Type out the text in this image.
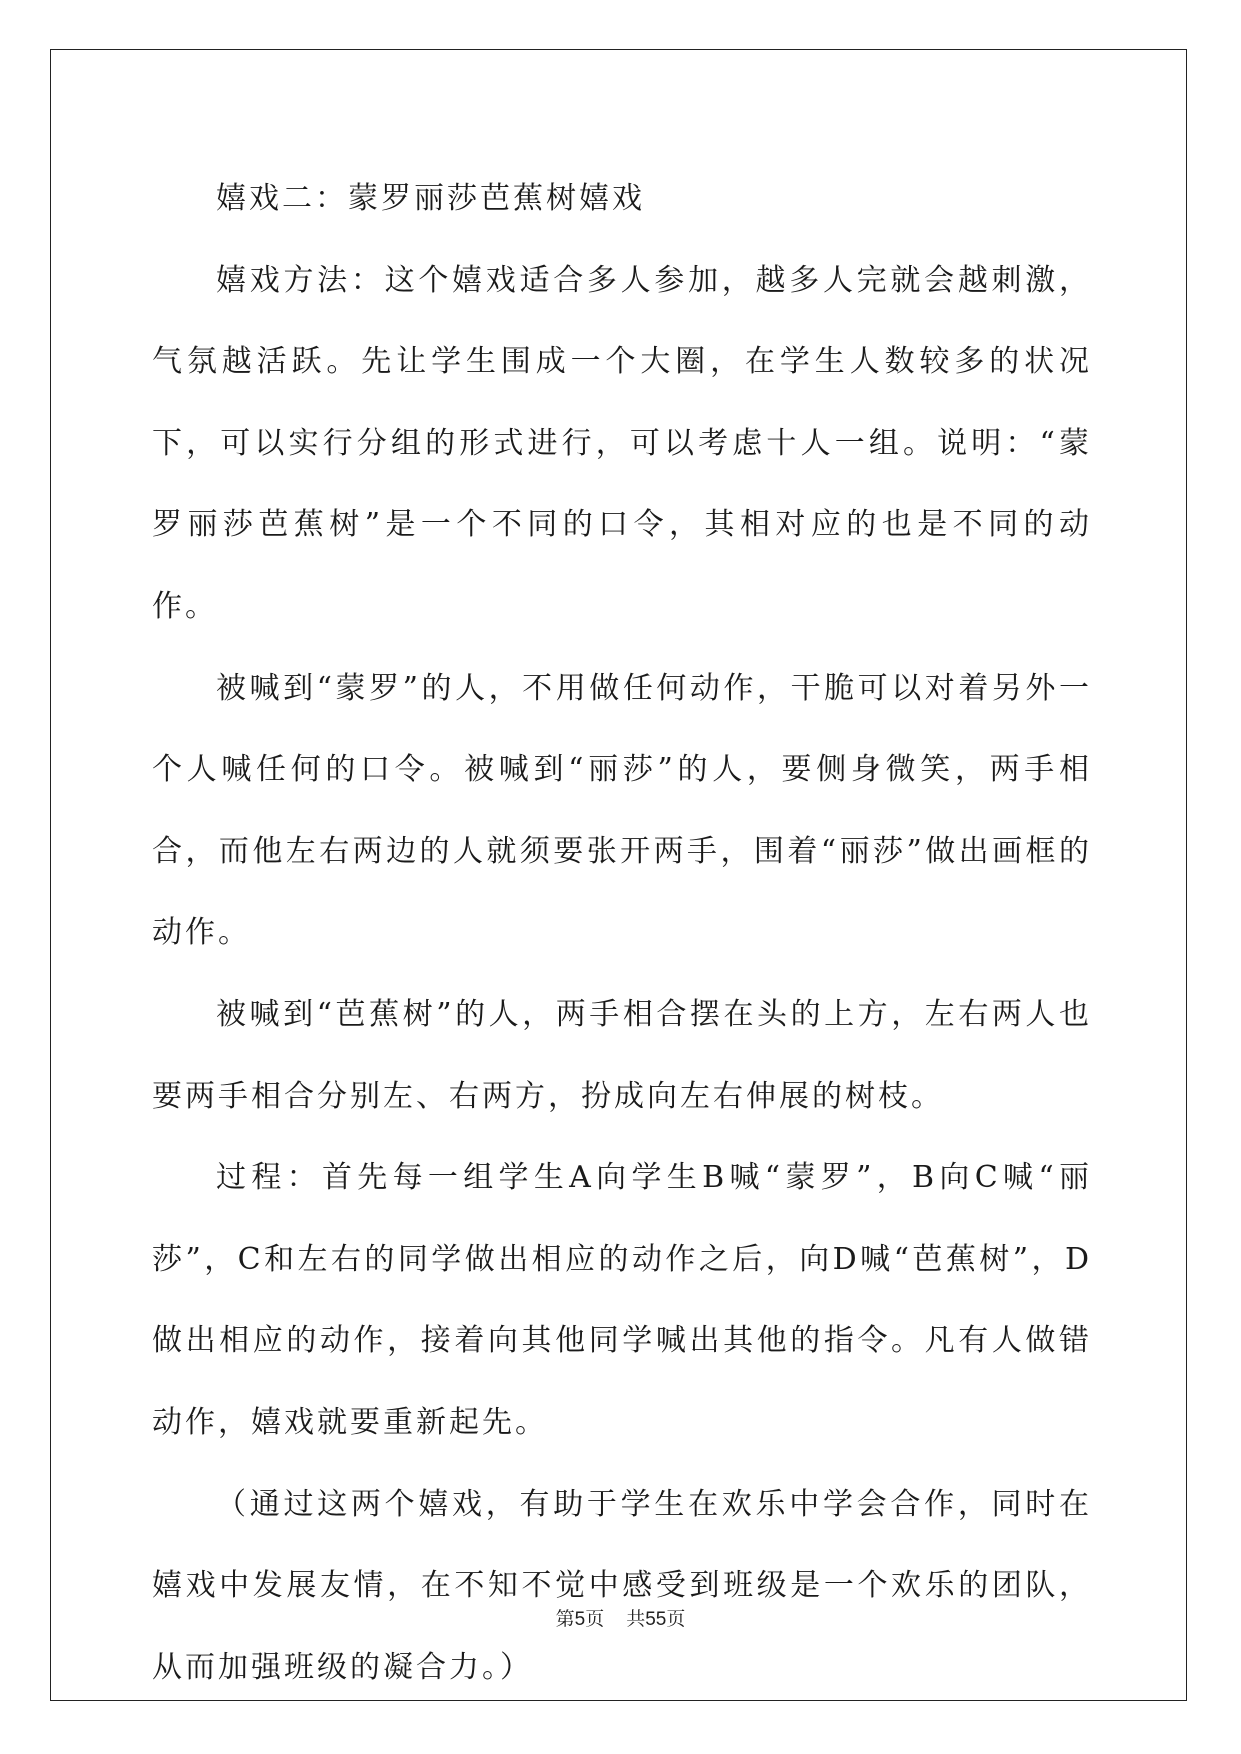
嬉戏二：蒙罗丽莎芭蕉树嬉戏

嬉戏方法：这个嬉戏适合多人参加，越多人完就会越刺激，气氛越活跃。先让学生围成一个大圈，在学生人数较多的状况下，可以实行分组的形式进行，可以考虑十人一组。说明：“蒙罗丽莎芭蕉树”是一个不同的口令，其相对应的也是不同的动作。

被喊到“蒙罗”的人，不用做任何动作，干脆可以对着另外一个人喊任何的口令。被喊到“丽莎”的人，要侧身微笑，两手相合，而他左右两边的人就须要张开两手，围着“丽莎”做出画框的动作。

被喊到“芭蕉树”的人，两手相合摆在头的上方，左右两人也要两手相合分别左、右两方，扮成向左右伸展的树枝。

过程：首先每一组学生A向学生B喊“蒙罗”，B向C喊“丽莎”，C和左右的同学做出相应的动作之后，向D喊“芭蕉树”，D做出相应的动作，接着向其他同学喊出其他的指令。凡有人做错动作，嬉戏就要重新起先。

（通过这两个嬉戏，有助于学生在欢乐中学会合作，同时在嬉戏中发展友情，在不知不觉中感受到班级是一个欢乐的团队，从而加强班级的凝合力。）

第5页 共55页
